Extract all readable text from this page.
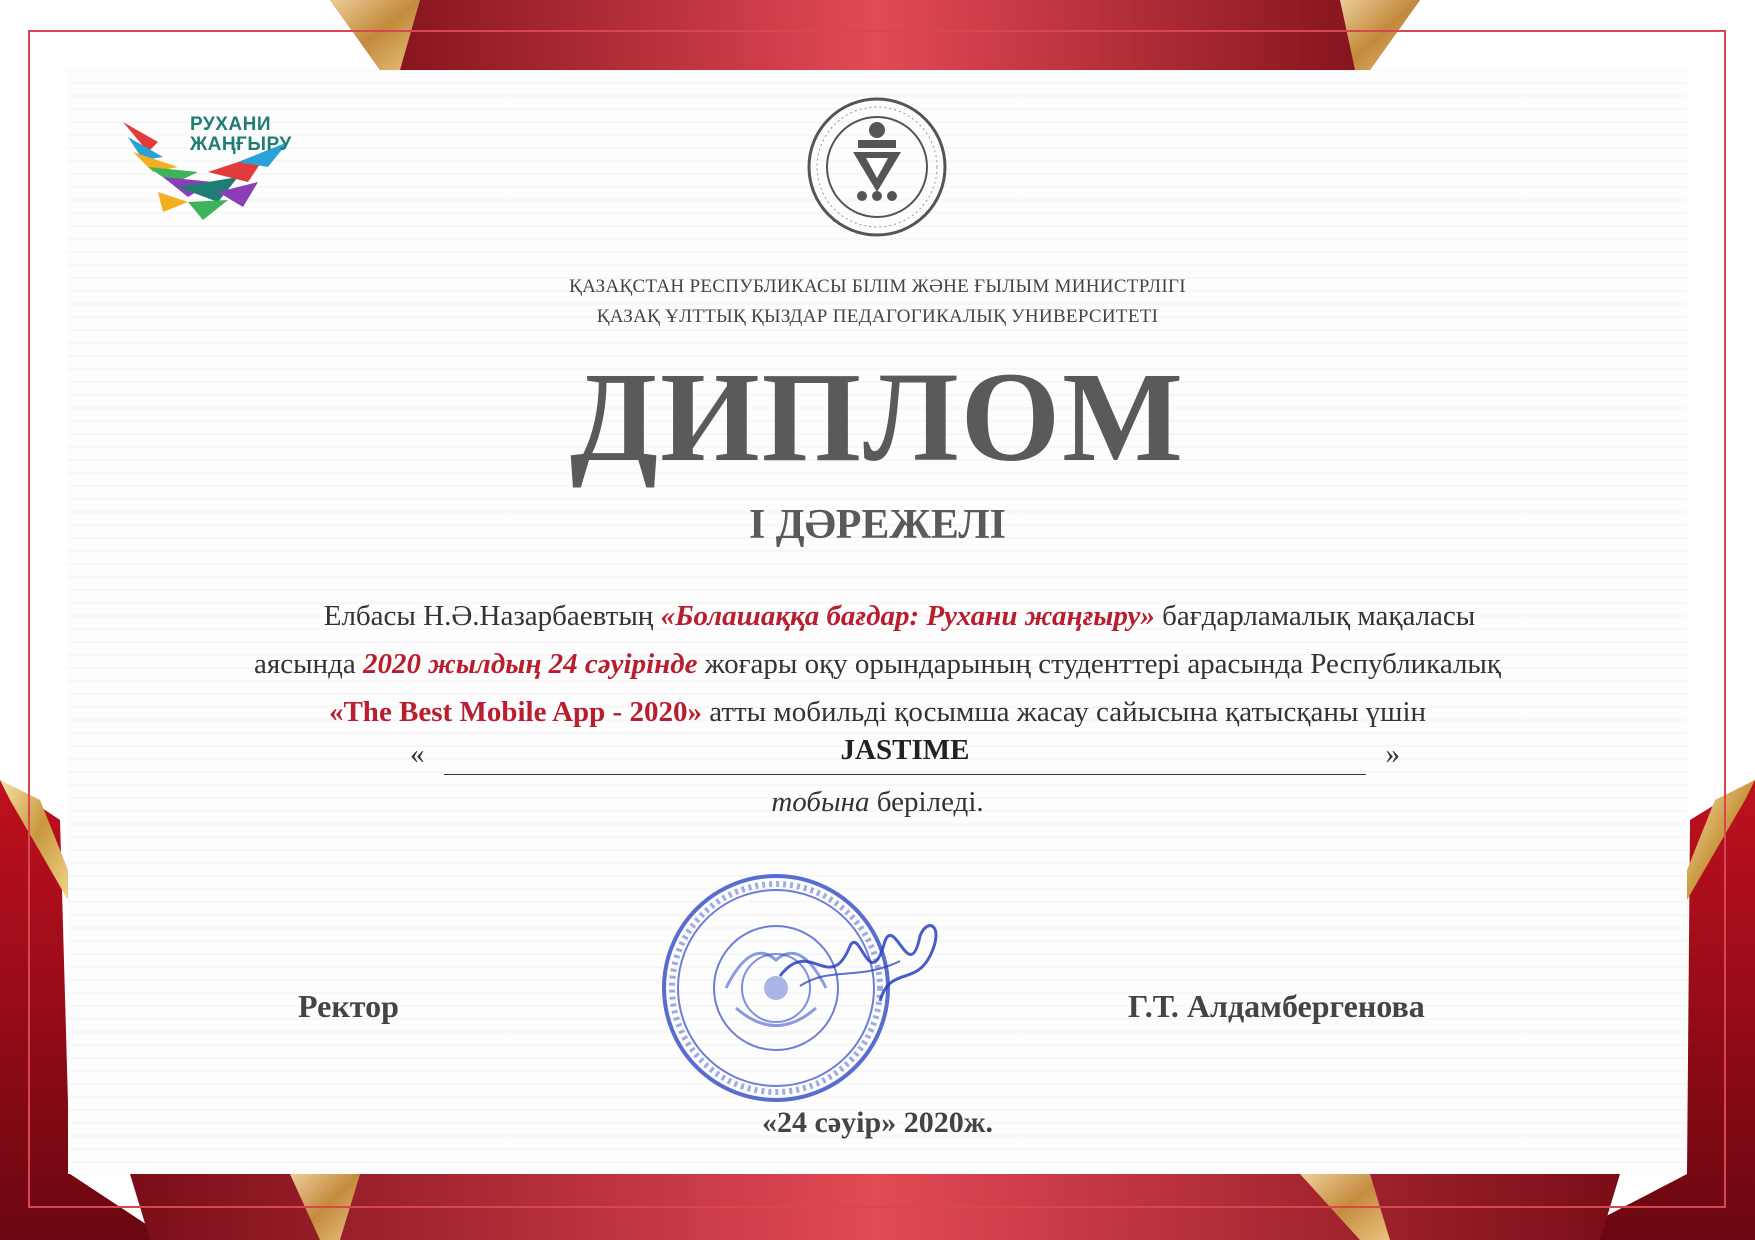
РУХАНИ
ЖАҢҒЫРУ
ҚАЗАҚСТАН РЕСПУБЛИКАСЫ БІЛІМ ЖӘНЕ ҒЫЛЫМ МИНИСТРЛІГІ
ҚАЗАҚ ҰЛТТЫҚ ҚЫЗДАР ПЕДАГОГИКАЛЫҚ УНИВЕРСИТЕТІ
ДИПЛОМ
І ДӘРЕЖЕЛІ
Елбасы Н.Ә.Назарбаевтың «Болашаққа бағдар: Рухани жаңғыру» бағдарламалық мақаласы
аясында 2020 жылдың 24 сәуірінде жоғары оқу орындарының студенттері арасында Республикалық
«The Best Mobile App - 2020» атты мобильді қосымша жасау сайысына қатысқаны үшін
«	JASTIME	»
тобына беріледі.
Ректор	Г.Т. Алдамбергенова
«24 сәуір» 2020ж.
